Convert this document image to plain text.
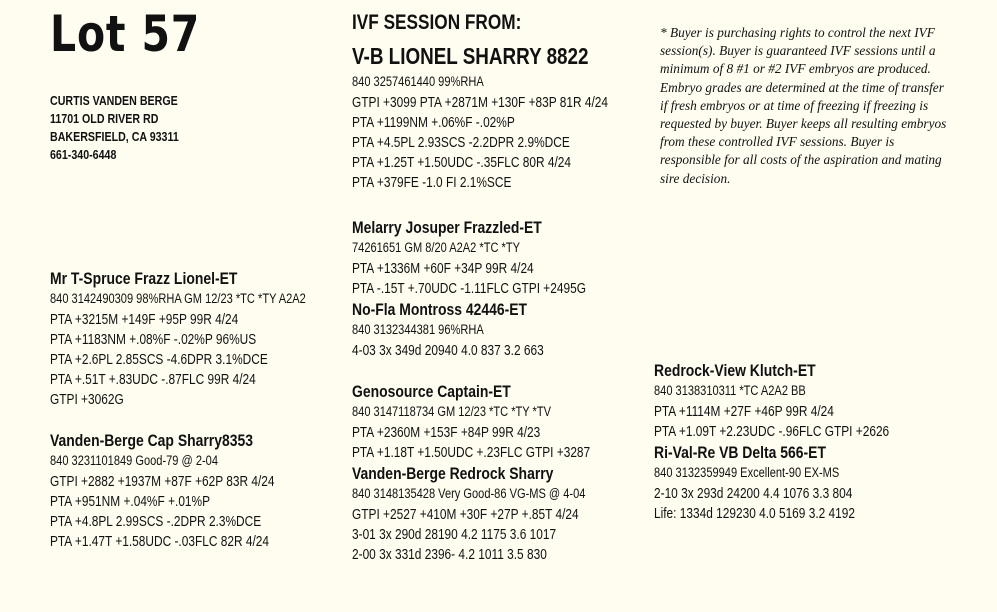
Lot 57
CURTIS VANDEN BERGE
11701 OLD RIVER RD
BAKERSFIELD, CA 93311
661-340-6448
IVF SESSION FROM:
V-B LIONEL SHARRY 8822
840 3257461440 99%RHA
GTPI +3099 PTA +2871M +130F +83P 81R 4/24
PTA +1199NM +.06%F -.02%P
PTA +4.5PL 2.93SCS -2.2DPR 2.9%DCE
PTA +1.25T +1.50UDC -.35FLC 80R 4/24
PTA +379FE -1.0 FI 2.1%SCE
* Buyer is purchasing rights to control the next IVF session(s). Buyer is guaranteed IVF sessions until a minimum of 8 #1 or #2 IVF embryos are produced. Embryo grades are determined at the time of transfer if fresh embryos or at time of freezing if freezing is requested by buyer. Buyer keeps all resulting embryos from these controlled IVF sessions. Buyer is responsible for all costs of the aspiration and mating sire decision.
Mr T-Spruce Frazz Lionel-ET
840 3142490309 98%RHA GM 12/23 *TC *TY A2A2
PTA +3215M +149F +95P 99R 4/24
PTA +1183NM +.08%F -.02%P 96%US
PTA +2.6PL 2.85SCS -4.6DPR 3.1%DCE
PTA +.51T +.83UDC -.87FLC 99R 4/24
GTPI +3062G
Vanden-Berge Cap Sharry8353
840 3231101849 Good-79 @ 2-04
GTPI +2882 +1937M +87F +62P 83R 4/24
PTA +951NM +.04%F +.01%P
PTA +4.8PL 2.99SCS -.2DPR 2.3%DCE
PTA +1.47T +1.58UDC -.03FLC 82R 4/24
Melarry Josuper Frazzled-ET
74261651 GM 8/20 A2A2 *TC *TY
PTA +1336M +60F +34P 99R 4/24
PTA -.15T +.70UDC -1.11FLC GTPI +2495G
No-Fla Montross 42446-ET
840 3132344381 96%RHA
4-03 3x 349d 20940 4.0 837 3.2 663
Genosource Captain-ET
840 3147118734 GM 12/23 *TC *TY *TV
PTA +2360M +153F +84P 99R 4/23
PTA +1.18T +1.50UDC +.23FLC GTPI +3287
Vanden-Berge Redrock Sharry
840 3148135428 Very Good-86 VG-MS @ 4-04
GTPI +2527 +410M +30F +27P +.85T 4/24
3-01 3x 290d 28190 4.2 1175 3.6 1017
2-00 3x 331d 2396- 4.2 1011 3.5 830
Redrock-View Klutch-ET
840 3138310311 *TC A2A2 BB
PTA +1114M +27F +46P 99R 4/24
PTA +1.09T +2.23UDC -.96FLC GTPI +2626
Ri-Val-Re VB Delta 566-ET
840 3132359949 Excellent-90 EX-MS
2-10 3x 293d 24200 4.4 1076 3.3 804
Life: 1334d 129230 4.0 5169 3.2 4192
